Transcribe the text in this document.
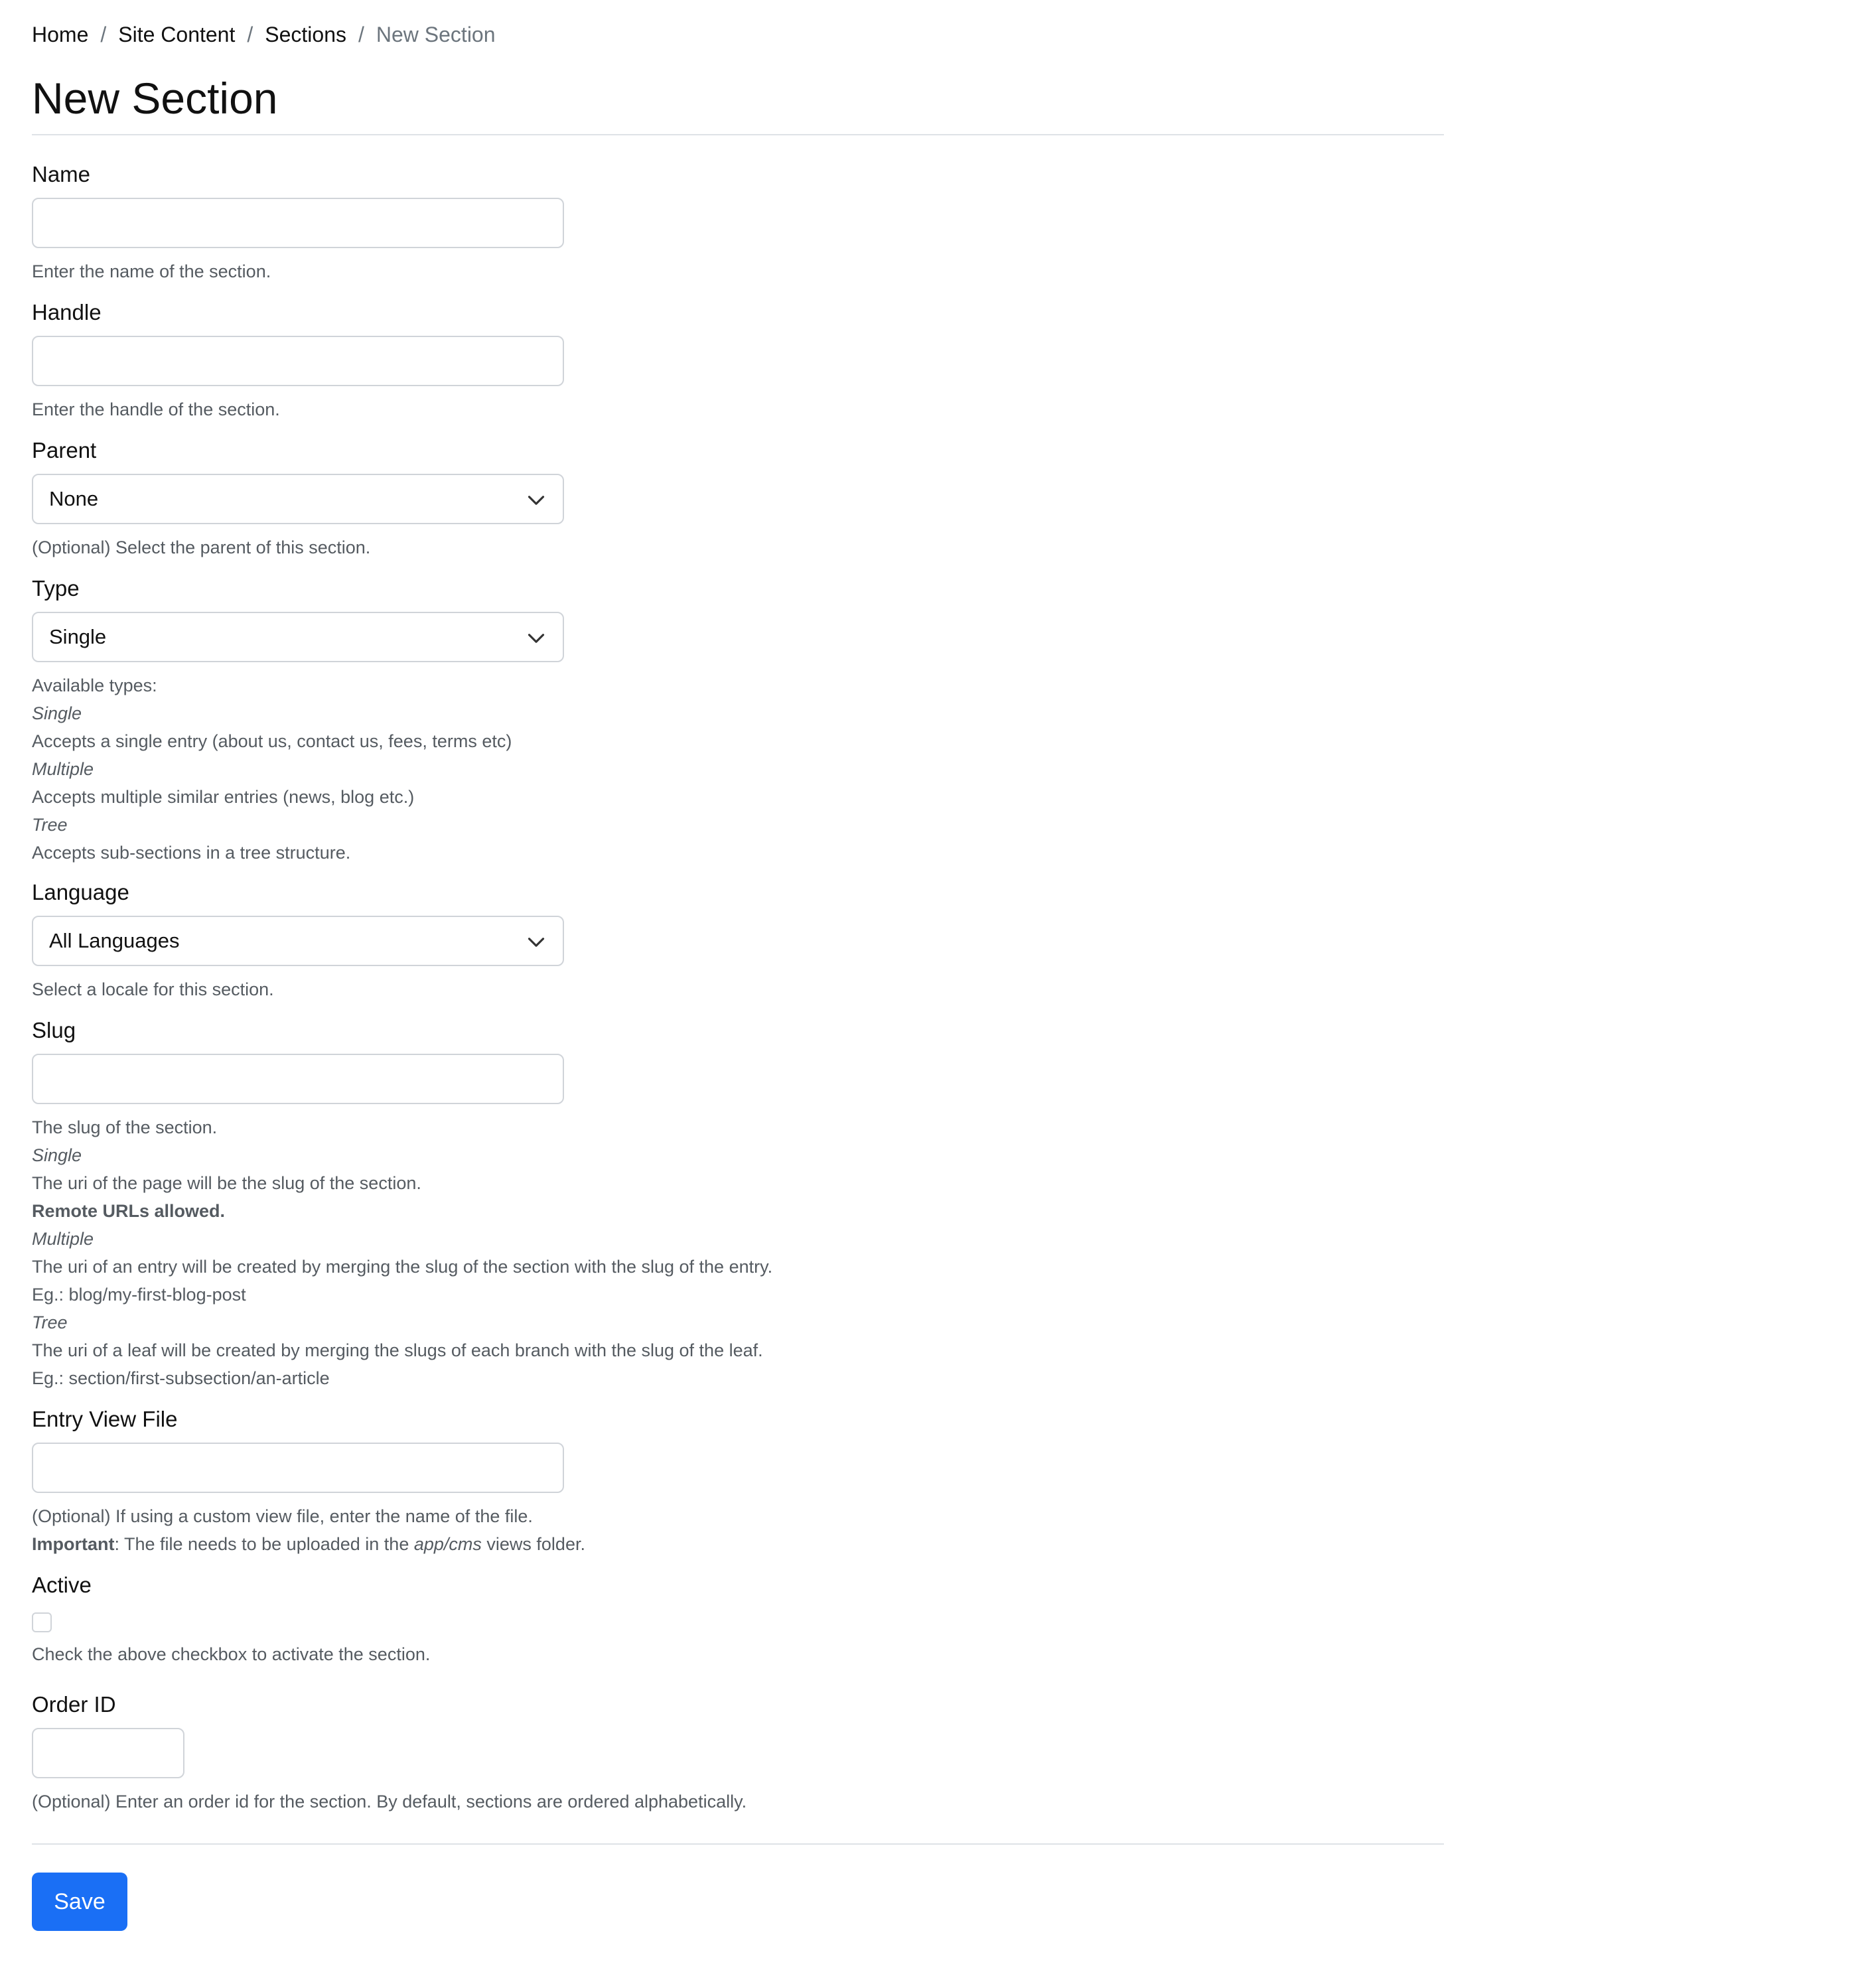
Home / Site Content / Sections / New Section
New Section
Name
Enter the name of the section.
Handle
Enter the handle of the section.
Parent
None
(Optional) Select the parent of this section.
Type
Single
Available types:
Single
Accepts a single entry (about us, contact us, fees, terms etc)
Multiple
Accepts multiple similar entries (news, blog etc.)
Tree
Accepts sub-sections in a tree structure.
Language
All Languages
Select a locale for this section.
Slug
The slug of the section.
Single
The uri of the page will be the slug of the section.
Remote URLs allowed.
Multiple
The uri of an entry will be created by merging the slug of the section with the slug of the entry.
Eg.: blog/my-first-blog-post
Tree
The uri of a leaf will be created by merging the slugs of each branch with the slug of the leaf.
Eg.: section/first-subsection/an-article
Entry View File
(Optional) If using a custom view file, enter the name of the file.
Important: The file needs to be uploaded in the app/cms views folder.
Active
Check the above checkbox to activate the section.
Order ID
(Optional) Enter an order id for the section. By default, sections are ordered alphabetically.
Save
